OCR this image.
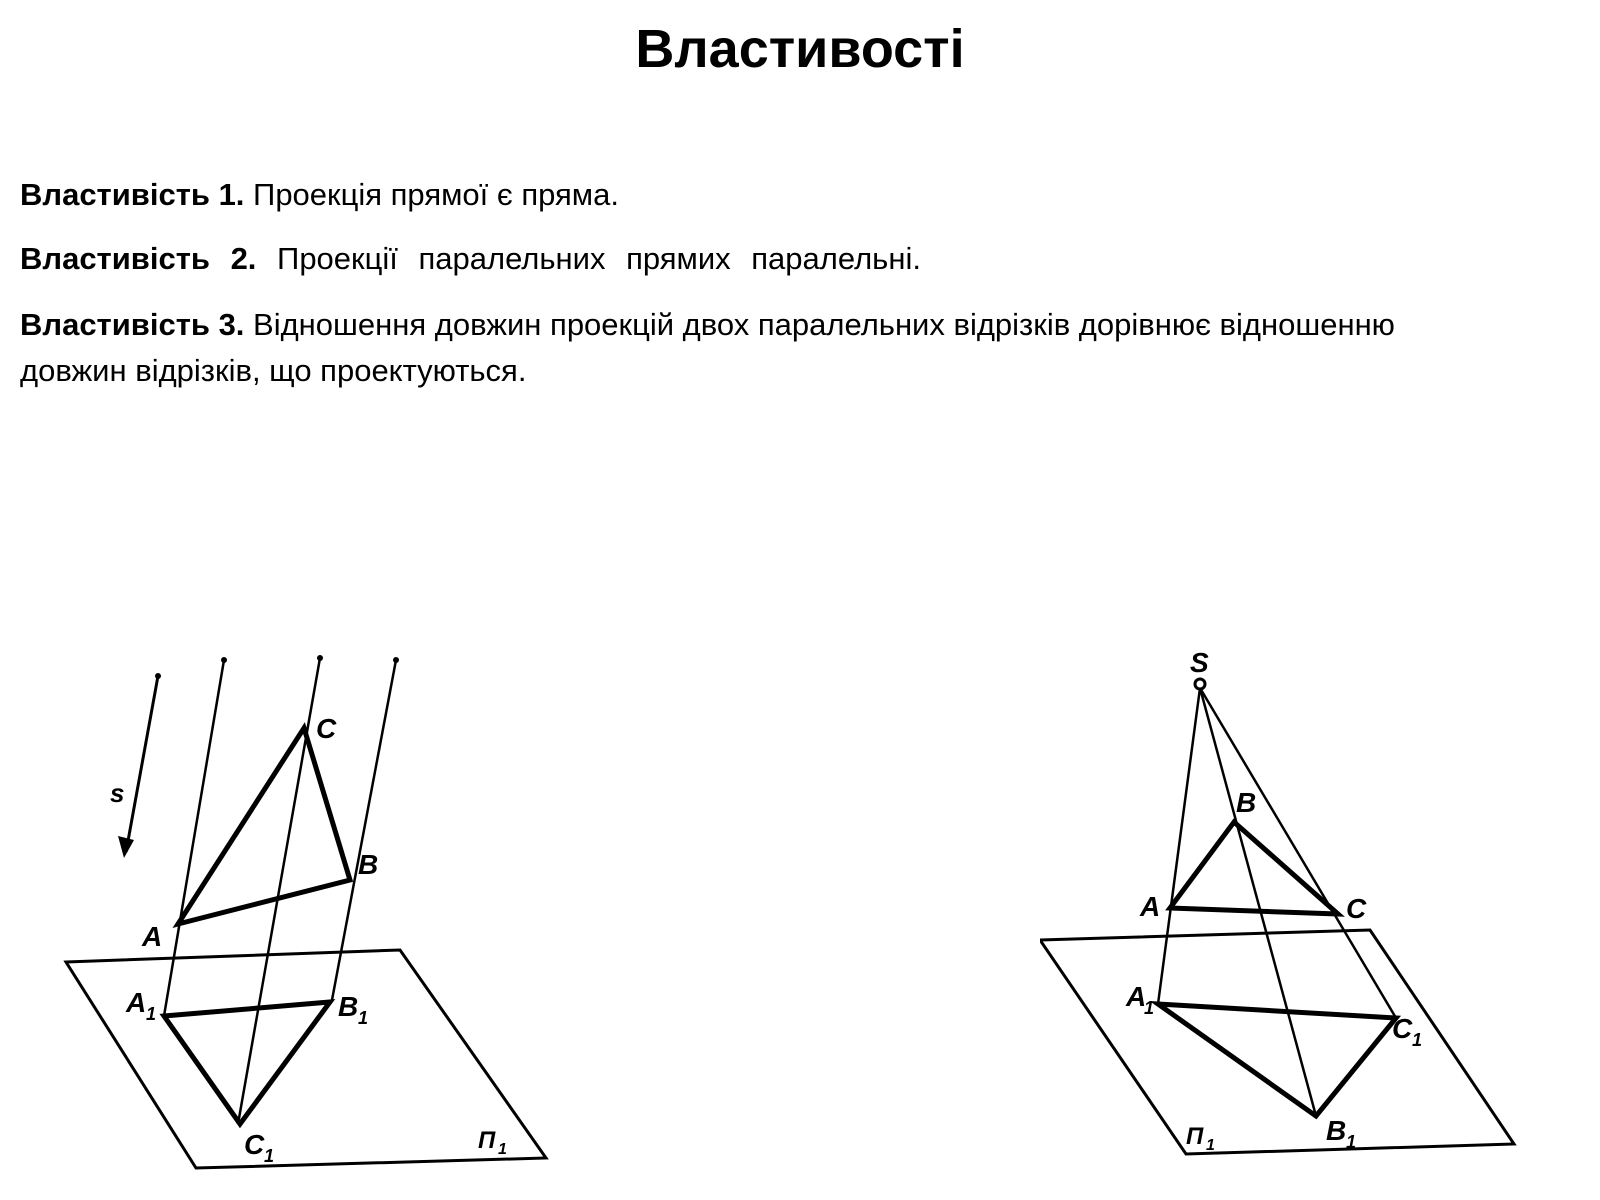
Властивості
Властивість 1. Проекція прямої є пряма.
Властивість 2. Проекції паралельних прямих паралельні.
Властивість 3. Відношення довжин проекцій двох паралельних відрізків дорівнює відношенню довжин відрізків, що проектуються.
s
A
B
C
A 1	B 1
C 1
П 1
S
A
B
C
A
1
C 1
B 1
П 1
